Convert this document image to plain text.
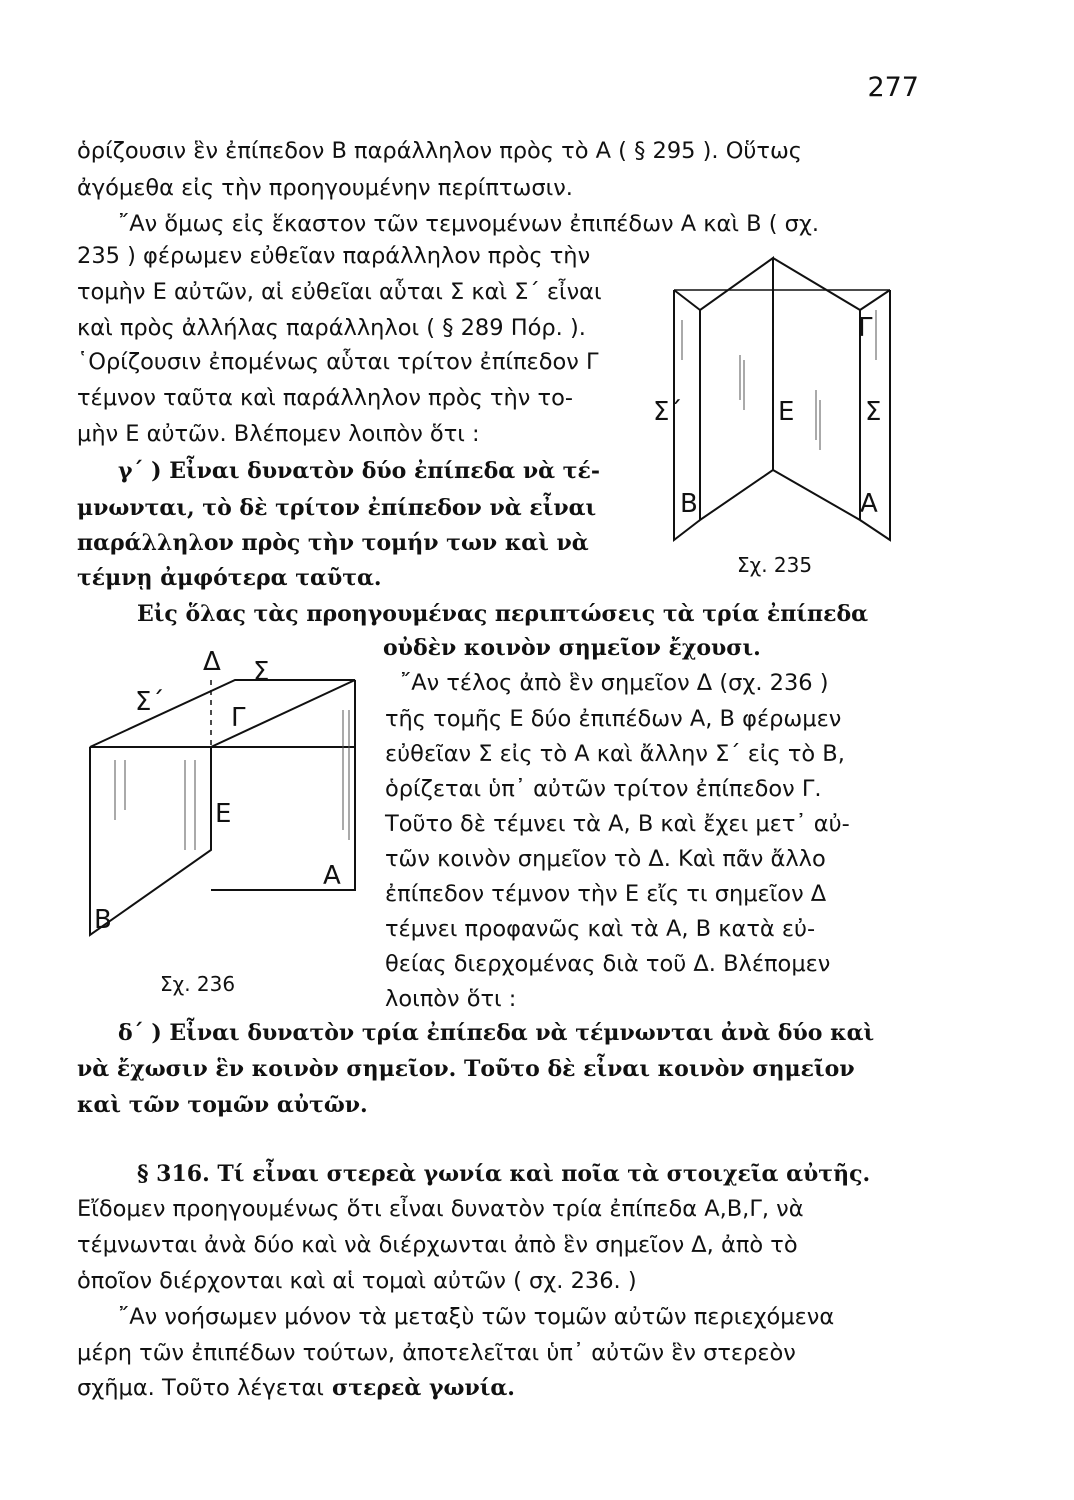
277
ὁρίζουσιν ἓν ἐπίπεδον Β παράλληλον πρὸς τὸ Α ( § 295 ). Οὕτως
ἀγόμεθα εἰς τὴν προηγουμένην περίπτωσιν.
῎Αν ὅμως εἰς ἕκαστον τῶν τεμνομένων ἐπιπέδων Α καὶ Β ( σχ.
235 ) φέρωμεν εὐθεῖαν παράλληλον πρὸς τὴν
τομὴν Ε αὐτῶν, αἱ εὐθεῖαι αὗται Σ καὶ Σ΄ εἶναι
καὶ πρὸς ἀλλήλας παράλληλοι ( § 289 Πόρ. ).
῾Ορίζουσιν ἐπομένως αὗται τρίτον ἐπίπεδον Γ
τέμνον ταῦτα καὶ παράλληλον πρὸς τὴν το-
μὴν Ε αὐτῶν. Βλέπομεν λοιπὸν ὅτι :
γ΄ ) Εἶναι δυνατὸν δύο ἐπίπεδα νὰ τέ-
μνωνται, τὸ δὲ τρίτον ἐπίπεδον νὰ εἶναι
παράλληλον πρὸς τὴν τομήν των καὶ νὰ
τέμνῃ ἀμφότερα ταῦτα.
Εἰς ὅλας τὰς προηγουμένας περιπτώσεις τὰ τρία ἐπίπεδα
οὐδὲν κοινὸν σημεῖον ἔχουσι.
῎Αν τέλος ἀπὸ ἓν σημεῖον Δ (σχ. 236 )
τῆς τομῆς Ε δύο ἐπιπέδων Α, Β φέρωμεν
εὐθεῖαν Σ εἰς τὸ Α καὶ ἄλλην Σ΄ εἰς τὸ Β,
ὁρίζεται ὑπ᾽ αὐτῶν τρίτον ἐπίπεδον Γ.
Τοῦτο δὲ τέμνει τὰ Α, Β καὶ ἔχει μετ᾽ αὐ-
τῶν κοινὸν σημεῖον τὸ Δ. Καὶ πᾶν ἄλλο
ἐπίπεδον τέμνον τὴν Ε εἴς τι σημεῖον Δ
τέμνει προφανῶς καὶ τὰ Α, Β κατὰ εὐ-
θείας διερχομένας διὰ τοῦ Δ. Βλέπομεν
λοιπὸν ὅτι :
δ΄ ) Εἶναι δυνατὸν τρία ἐπίπεδα νὰ τέμνωνται ἀνὰ δύο καὶ
νὰ ἔχωσιν ἓν κοινὸν σημεῖον. Τοῦτο δὲ εἶναι κοινὸν σημεῖον
καὶ τῶν τομῶν αὐτῶν.
§ 316. Τί εἶναι στερεὰ γωνία καὶ ποῖα τὰ στοιχεῖα αὐτῆς.
Εἴδομεν προηγουμένως ὅτι εἶναι δυνατὸν τρία ἐπίπεδα Α,Β,Γ, νὰ
τέμνωνται ἀνὰ δύο καὶ νὰ διέρχωνται ἀπὸ ἓν σημεῖον Δ, ἀπὸ τὸ
ὁποῖον διέρχονται καὶ αἱ τομαὶ αὐτῶν ( σχ. 236. )
῎Αν νοήσωμεν μόνον τὰ μεταξὺ τῶν τομῶν αὐτῶν περιεχόμενα
μέρη τῶν ἐπιπέδων τούτων, ἀποτελεῖται ὑπ᾽ αὐτῶν ἓν στερεὸν
σχῆμα. Τοῦτο λέγεται στερεὰ γωνία.
Γ
Σ΄	Ε	Σ
Β	Α
Σχ. 235
Δ Σ
Σ΄
Γ
Ε
Α
Β
Σχ. 236
